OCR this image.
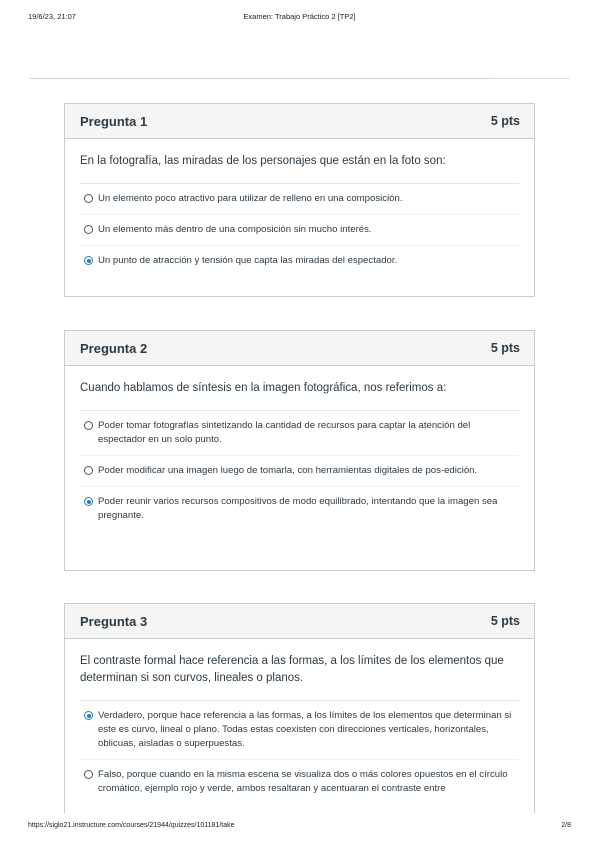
19/6/23, 21:07	Examen: Trabajo Práctico 2 [TP2]
Pregunta 1	5 pts
En la fotografía, las miradas de los personajes que están en la foto son:
Un elemento poco atractivo para utilizar de relleno en una composición.
Un elemento más dentro de una composición sin mucho interés.
Un punto de atracción y tensión que capta las miradas del espectador.
Pregunta 2	5 pts
Cuando hablamos de síntesis en la imagen fotográfica, nos referimos a:
Poder tomar fotografías sintetizando la cantidad de recursos para captar la atención del espectador en un solo punto.
Poder modificar una imagen luego de tomarla, con herramientas digitales de pos-edición.
Poder reunir varios recursos compositivos de modo equilibrado, intentando que la imagen sea pregnante.
Pregunta 3	5 pts
El contraste formal hace referencia a las formas, a los límites de los elementos que determinan si son curvos, lineales o planos.
Verdadero, porque hace referencia a las formas, a los límites de los elementos que determinan si este es curvo, lineal o plano. Todas estas coexisten con direcciones verticales, horizontales, oblicuas, aisladas o superpuestas.
Falso, porque cuando en la misma escena se visualiza dos o más colores opuestos en el círculo cromático, ejemplo rojo y verde, ambos resaltaran y acentuaran el contraste entre
https://siglo21.instructure.com/courses/21944/quizzes/101181/take	2/8
